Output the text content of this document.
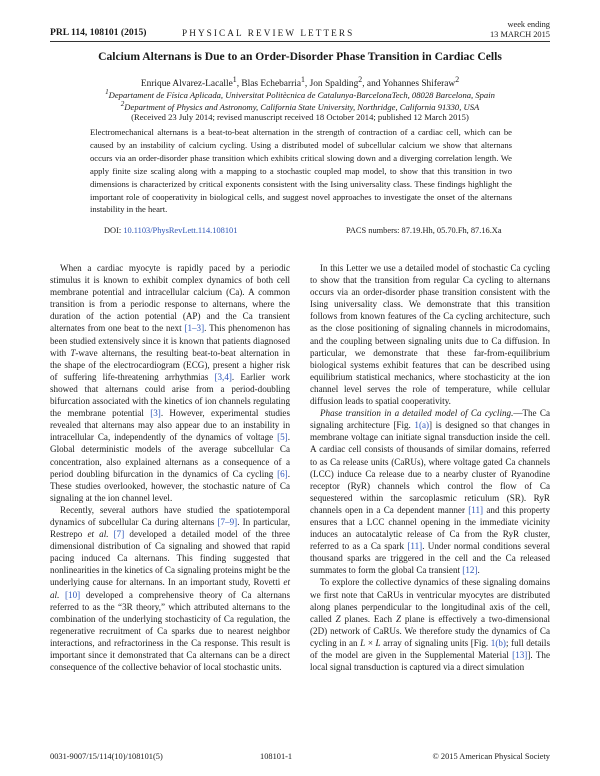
PRL 114, 108101 (2015)	PHYSICAL REVIEW LETTERS
week ending
13 MARCH 2015
Calcium Alternans is Due to an Order-Disorder Phase Transition in Cardiac Cells
Enrique Alvarez-Lacalle$^1$, Blas Echebarria$^1$, Jon Spalding$^2$, and Yohannes Shiferaw$^2$
$^1$Departament de Física Aplicada, Universitat Politècnica de Catalunya-BarcelonaTech, 08028 Barcelona, Spain
$^2$Department of Physics and Astronomy, California State University, Northridge, California 91330, USA
(Received 23 July 2014; revised manuscript received 18 October 2014; published 12 March 2015)
Electromechanical alternans is a beat-to-beat alternation in the strength of contraction of a cardiac cell, which can be caused by an instability of calcium cycling. Using a distributed model of subcellular calcium we show that alternans occurs via an order-disorder phase transition which exhibits critical slowing down and a diverging correlation length. We apply finite size scaling along with a mapping to a stochastic coupled map model, to show that this transition in two dimensions is characterized by critical exponents consistent with the Ising universality class. These findings highlight the important role of cooperativity in biological cells, and suggest novel approaches to investigate the onset of the alternans instability in the heart.
DOI: 10.1103/PhysRevLett.114.108101	PACS numbers: 87.19.Hh, 05.70.Fh, 87.16.Xa

When a cardiac myocyte is rapidly paced by a periodic stimulus it is known to exhibit complex dynamics of both cell membrane potential and intracellular calcium (Ca). A common transition is from a periodic response to alternans, where the duration of the action potential (AP) and the Ca transient alternates from one beat to the next [1–3]. This phenomenon has been studied extensively since it is known that patients diagnosed with T-wave alternans, the resulting beat-to-beat alternation in the shape of the electrocardiogram (ECG), present a higher risk of suffering life-threatening arrhythmias [3,4]. Earlier work showed that alternans could arise from a period-doubling bifurcation associated with the kinetics of ion channels regulating the membrane potential [3]. However, experimental studies revealed that alternans may also appear due to an instability in intracellular Ca, independently of the dynamics of voltage [5]. Global deterministic models of the average subcellular Ca concentration, also explained alternans as a consequence of a period doubling bifurcation in the dynamics of Ca cycling [6]. These studies overlooked, however, the stochastic nature of Ca signaling at the ion channel level.

Recently, several authors have studied the spatiotemporal dynamics of subcellular Ca during alternans [7–9]. In particular, Restrepo et al. [7] developed a detailed model of the three dimensional distribution of Ca signaling and showed that rapid pacing induced Ca alternans. This finding suggested that nonlinearities in the kinetics of Ca signaling proteins might be the underlying cause for alternans. In an important study, Rovetti et al. [10] developed a comprehensive theory of Ca alternans referred to as the “3R theory,” which attributed alternans to the combination of the underlying stochasticity of Ca regulation, the regenerative recruitment of Ca sparks due to nearest neighbor interactions, and refractoriness in the Ca response. This result is important since it demonstrated that Ca alternans can be a direct consequence of the collective behavior of local stochastic units.

In this Letter we use a detailed model of stochastic Ca cycling to show that the transition from regular Ca cycling to alternans occurs via an order-disorder phase transition consistent with the Ising universality class. We demonstrate that this transition follows from known features of the Ca cycling architecture, such as the close positioning of signaling channels in microdomains, and the coupling between signaling units due to Ca diffusion. In particular, we demonstrate that these far-from-equilibrium biological systems exhibit features that can be described using equilibrium statistical mechanics, where stochasticity at the ion channel level serves the role of temperature, while cellular diffusion leads to spatial cooperativity.

Phase transition in a detailed model of Ca cycling.—The Ca signaling architecture [Fig. 1(a)] is designed so that changes in membrane voltage can initiate signal transduction inside the cell. A cardiac cell consists of thousands of similar domains, referred to as Ca release units (CaRUs), where voltage gated Ca channels (LCC) induce Ca release due to a nearby cluster of Ryanodine receptor (RyR) channels which control the flow of Ca sequestered within the sarcoplasmic reticulum (SR). RyR channels open in a Ca dependent manner [11] and this property ensures that a LCC channel opening in the immediate vicinity induces an autocatalytic release of Ca from the RyR cluster, referred to as a Ca spark [11]. Under normal conditions several thousand sparks are triggered in the cell and the Ca released summates to form the global Ca transient [12].

To explore the collective dynamics of these signaling domains we first note that CaRUs in ventricular myocytes are distributed along planes perpendicular to the longitudinal axis of the cell, called Z planes. Each Z plane is effectively a two-dimensional (2D) network of CaRUs. We therefore study the dynamics of Ca cycling in an L × L array of signaling units [Fig. 1(b); full details of the model are given in the Supplemental Material [13]]. The local signal transduction is captured via a direct simulation

0031-9007/15/114(10)/108101(5)	108101-1	© 2015 American Physical Society
